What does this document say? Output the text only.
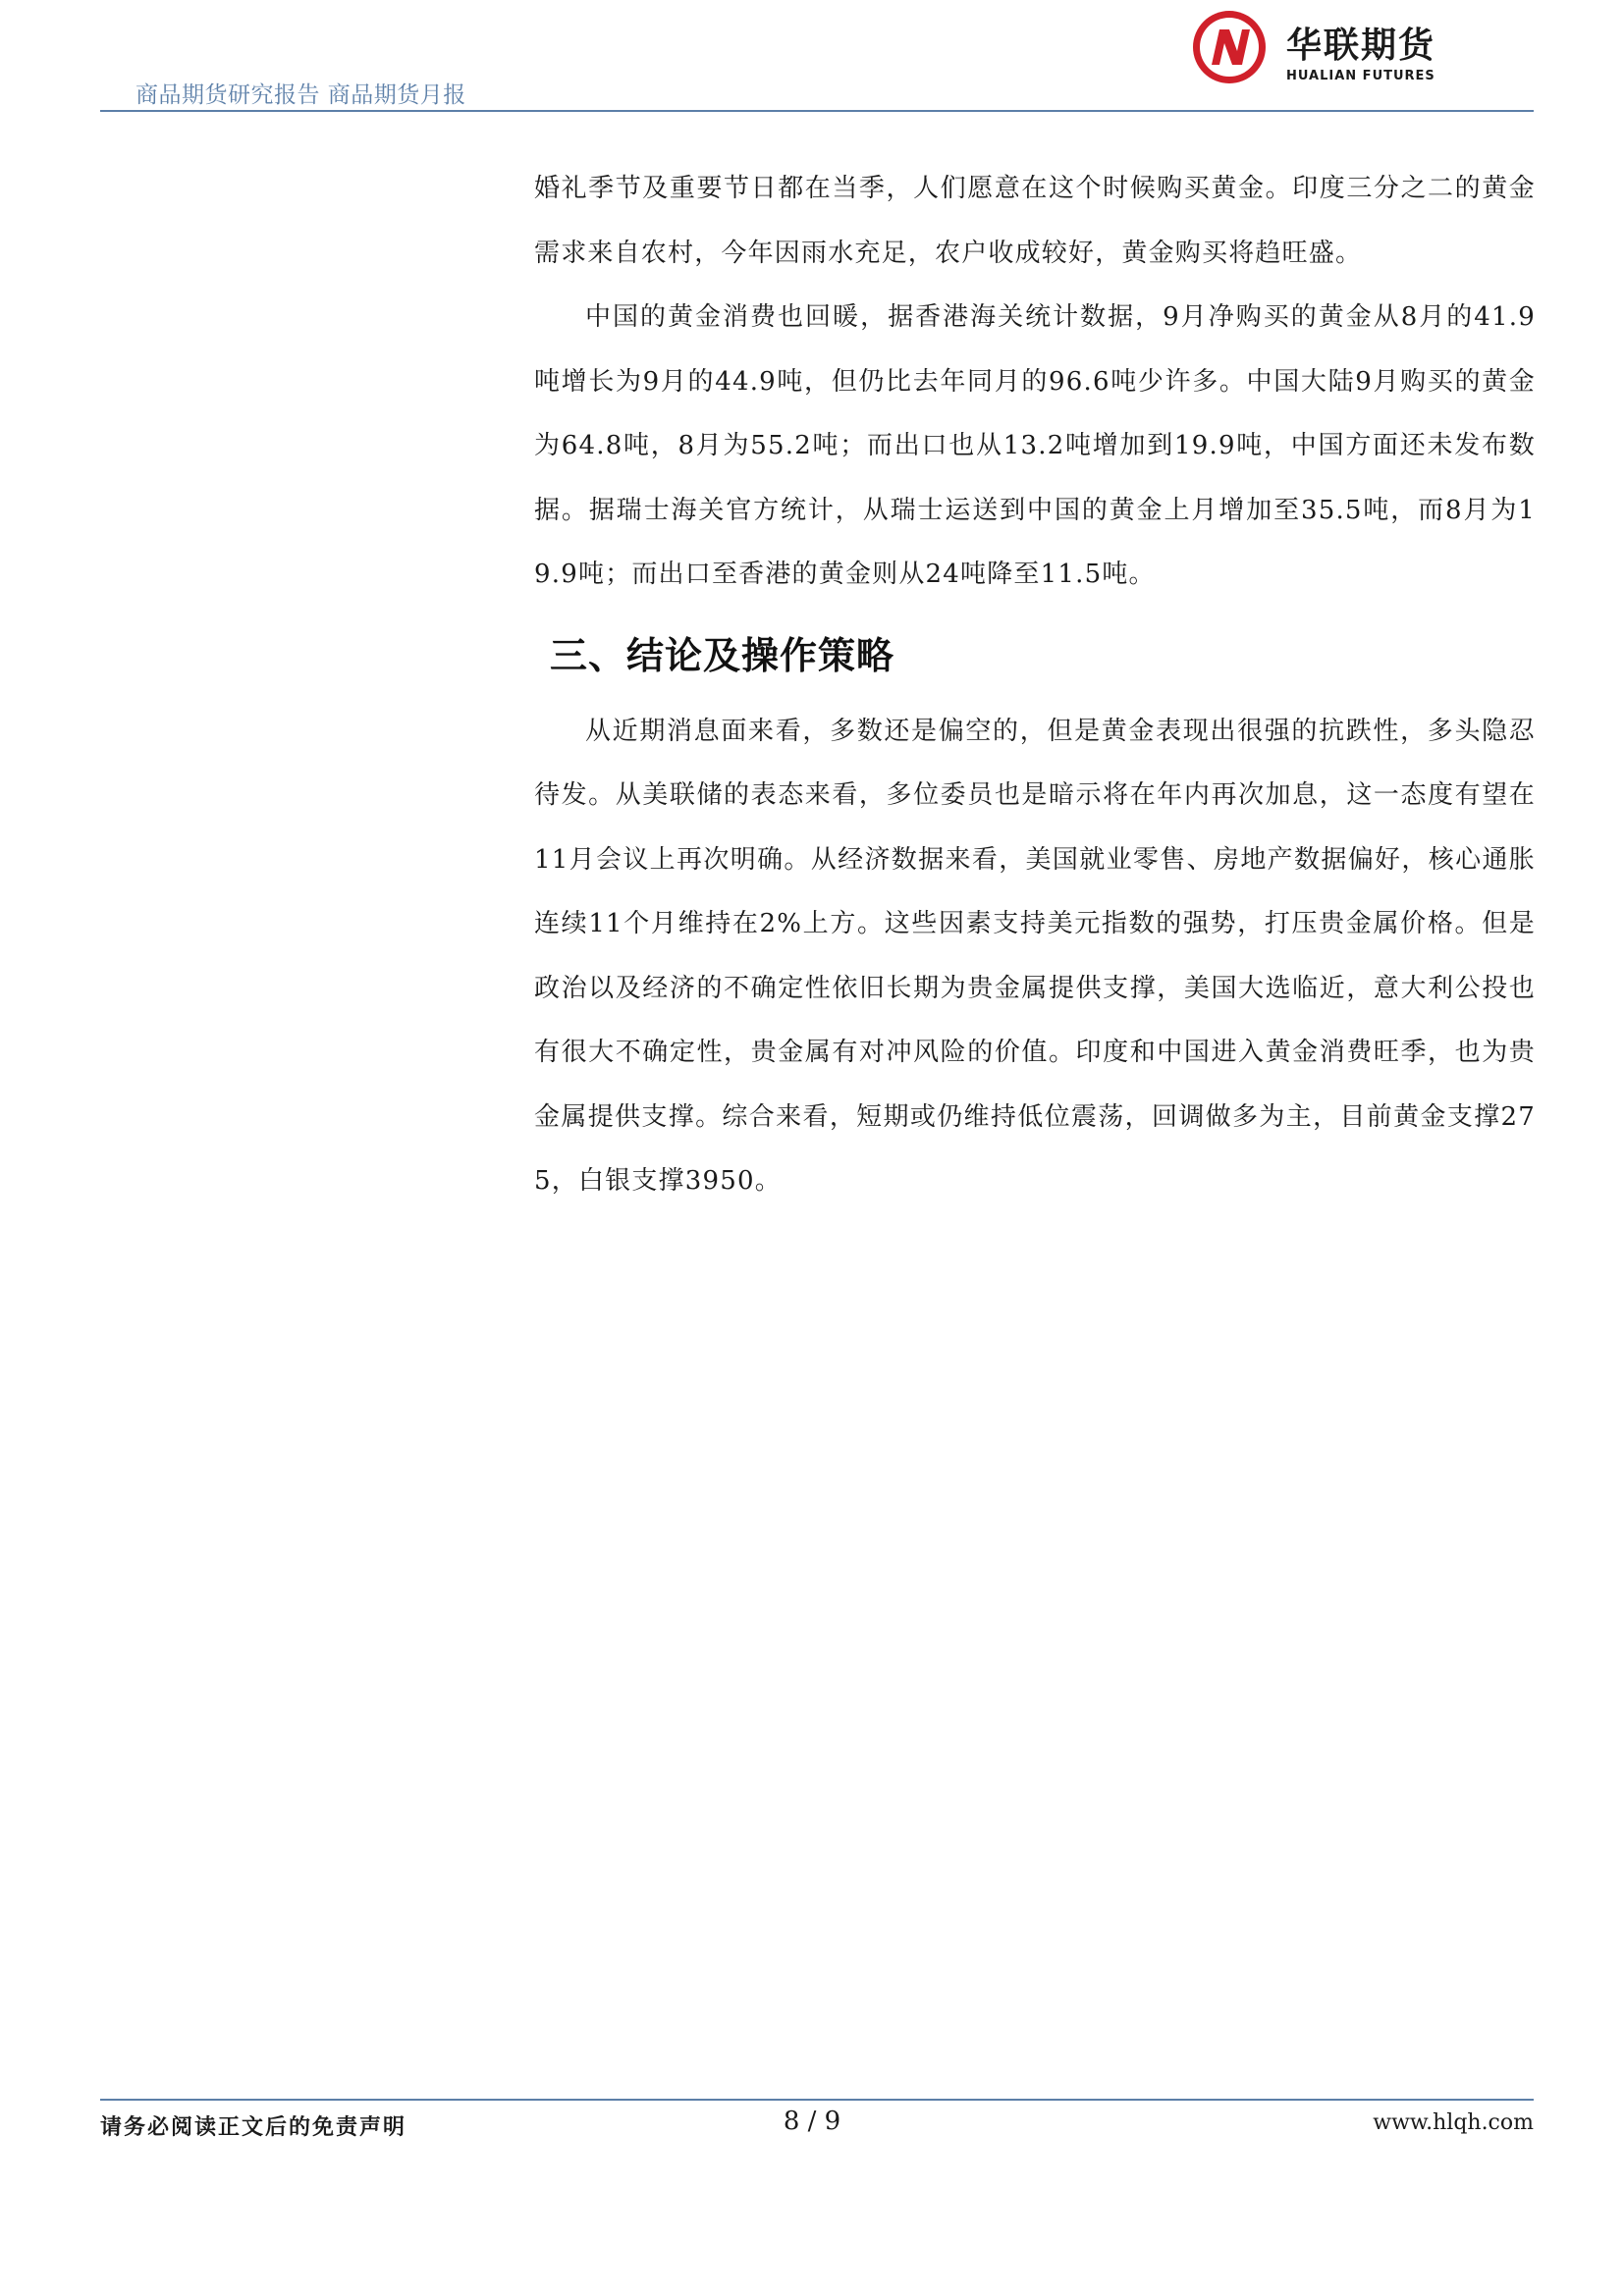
商品期货研究报告 商品期货月报
华联期货
HUALIAN FUTURES

婚礼季节及重要节日都在当季，人们愿意在这个时候购买黄金。印度三分之二的黄金需求来自农村，今年因雨水充足，农户收成较好，黄金购买将趋旺盛。

中国的黄金消费也回暖，据香港海关统计数据，9月净购买的黄金从8月的41.9吨增长为9月的44.9吨，但仍比去年同月的96.6吨少许多。中国大陆9月购买的黄金为64.8吨，8月为55.2吨；而出口也从13.2吨增加到19.9吨，中国方面还未发布数据。据瑞士海关官方统计，从瑞士运送到中国的黄金上月增加至35.5吨，而8月为19.9吨；而出口至香港的黄金则从24吨降至11.5吨。

三、结论及操作策略

从近期消息面来看，多数还是偏空的，但是黄金表现出很强的抗跌性，多头隐忍待发。从美联储的表态来看，多位委员也是暗示将在年内再次加息，这一态度有望在11月会议上再次明确。从经济数据来看，美国就业零售、房地产数据偏好，核心通胀连续11个月维持在2%上方。这些因素支持美元指数的强势，打压贵金属价格。但是政治以及经济的不确定性依旧长期为贵金属提供支撑，美国大选临近，意大利公投也有很大不确定性，贵金属有对冲风险的价值。印度和中国进入黄金消费旺季，也为贵金属提供支撑。综合来看，短期或仍维持低位震荡，回调做多为主，目前黄金支撑275，白银支撑3950。

请务必阅读正文后的免责声明	8 / 9	www.hlqh.com
